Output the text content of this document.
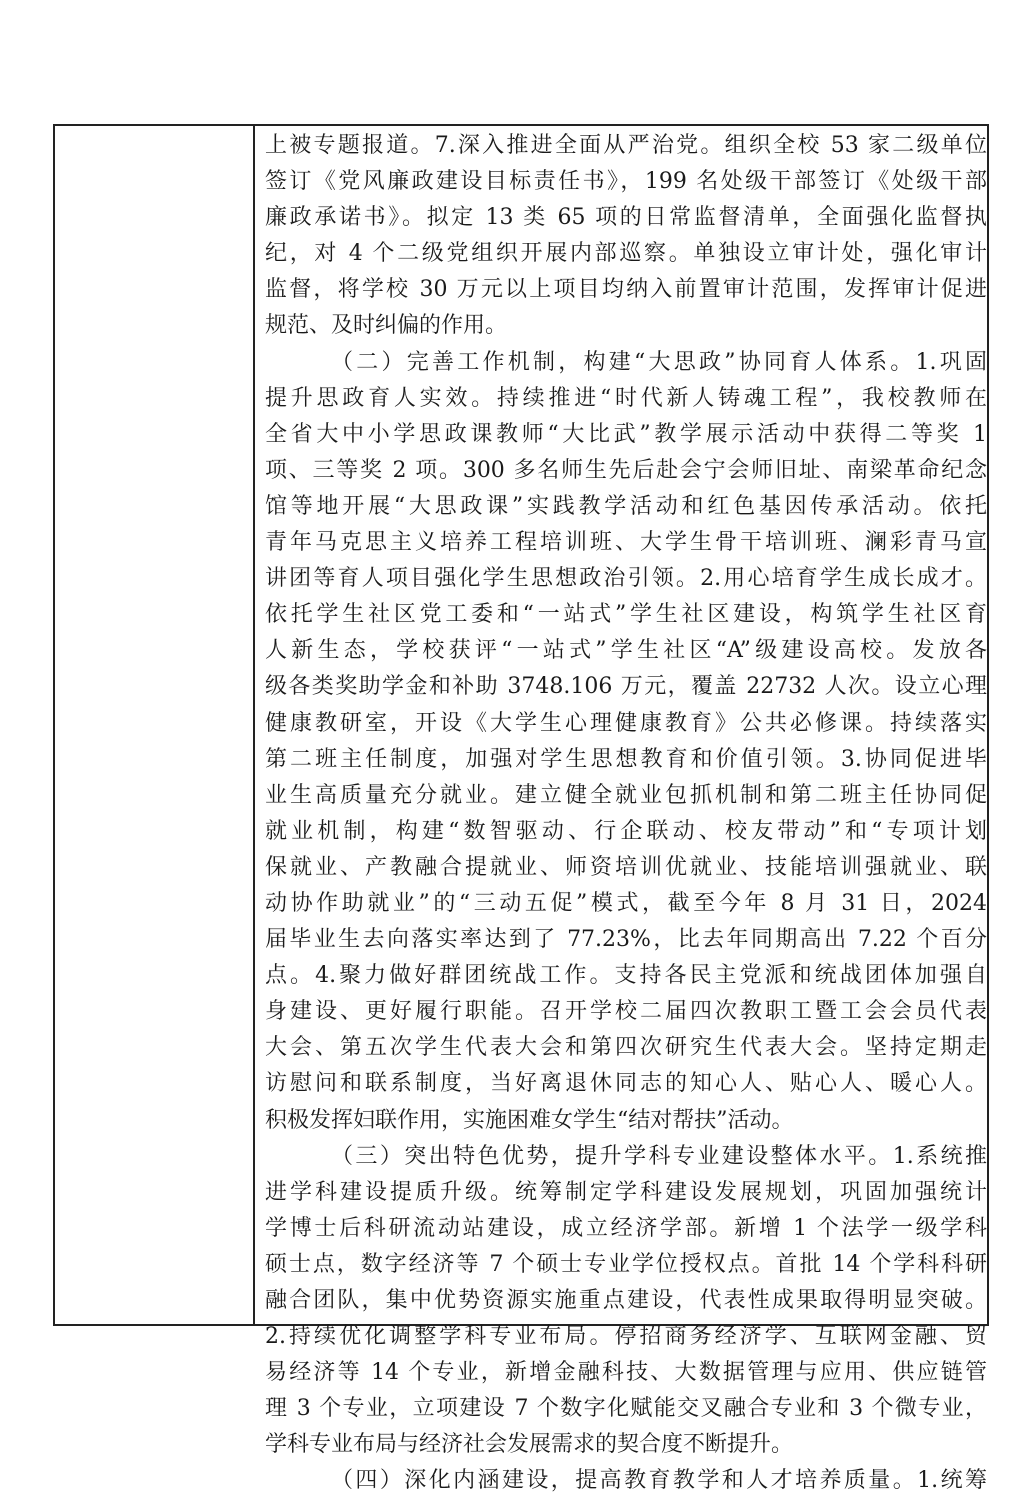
上被专题报道。7.深入推进全面从严治党。组织全校 53 家二级单位
签订《党风廉政建设目标责任书》，199 名处级干部签订《处级干部
廉政承诺书》。拟定 13 类 65 项的日常监督清单，全面强化监督执
纪，对 4 个二级党组织开展内部巡察。单独设立审计处，强化审计
监督，将学校 30 万元以上项目均纳入前置审计范围，发挥审计促进
规范、及时纠偏的作用。
（二）完善工作机制，构建“大思政”协同育人体系。1.巩固
提升思政育人实效。持续推进“时代新人铸魂工程”，我校教师在
全省大中小学思政课教师“大比武”教学展示活动中获得二等奖 1
项、三等奖 2 项。300 多名师生先后赴会宁会师旧址、南梁革命纪念
馆等地开展“大思政课”实践教学活动和红色基因传承活动。依托
青年马克思主义培养工程培训班、大学生骨干培训班、澜彩青马宣
讲团等育人项目强化学生思想政治引领。2.用心培育学生成长成才。
依托学生社区党工委和“一站式”学生社区建设，构筑学生社区育
人新生态，学校获评“一站式”学生社区“A”级建设高校。发放各
级各类奖助学金和补助 3748.106 万元，覆盖 22732 人次。设立心理
健康教研室，开设《大学生心理健康教育》公共必修课。持续落实
第二班主任制度，加强对学生思想教育和价值引领。3.协同促进毕
业生高质量充分就业。建立健全就业包抓机制和第二班主任协同促
就业机制，构建“数智驱动、行企联动、校友带动”和“专项计划
保就业、产教融合提就业、师资培训优就业、技能培训强就业、联
动协作助就业”的“三动五促”模式，截至今年 8 月 31 日，2024
届毕业生去向落实率达到了 77.23%，比去年同期高出 7.22 个百分
点。4.聚力做好群团统战工作。支持各民主党派和统战团体加强自
身建设、更好履行职能。召开学校二届四次教职工暨工会会员代表
大会、第五次学生代表大会和第四次研究生代表大会。坚持定期走
访慰问和联系制度，当好离退休同志的知心人、贴心人、暖心人。
积极发挥妇联作用，实施困难女学生“结对帮扶”活动。
（三）突出特色优势，提升学科专业建设整体水平。1.系统推
进学科建设提质升级。统筹制定学科建设发展规划，巩固加强统计
学博士后科研流动站建设，成立经济学部。新增 1 个法学一级学科
硕士点，数字经济等 7 个硕士专业学位授权点。首批 14 个学科科研
融合团队，集中优势资源实施重点建设，代表性成果取得明显突破。
2.持续优化调整学科专业布局。停招商务经济学、互联网金融、贸
易经济等 14 个专业，新增金融科技、大数据管理与应用、供应链管
理 3 个专业，立项建设 7 个数字化赋能交叉融合专业和 3 个微专业，
学科专业布局与经济社会发展需求的契合度不断提升。
（四）深化内涵建设，提高教育教学和人才培养质量。1.统筹
